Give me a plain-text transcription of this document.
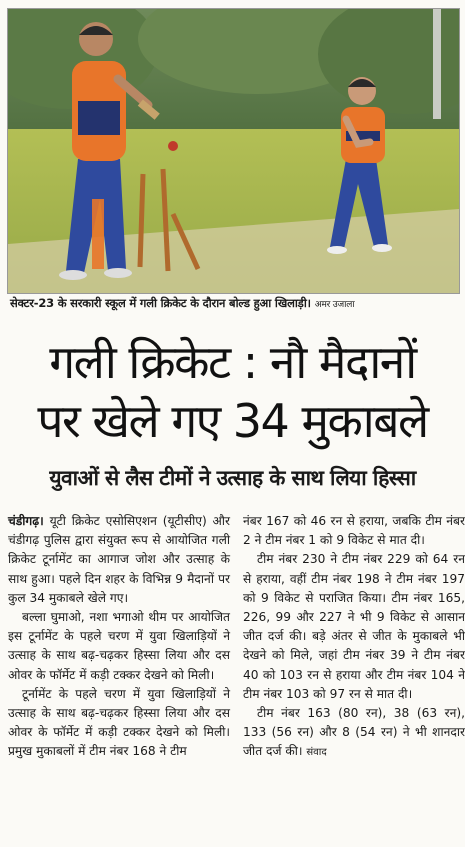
सेक्टर-23 के सरकारी स्कूल में गली क्रिकेट के दौरान बोल्ड हुआ खिलाड़ी। अमर उजाला
गली क्रिकेट : नौ मैदानों
पर खेले गए 34 मुकाबले
युवाओं से लैस टीमों ने उत्साह के साथ लिया हिस्सा

चंडीगढ़। यूटी क्रिकेट एसोसिएशन (यूटीसीए) और चंडीगढ़ पुलिस द्वारा संयुक्त रूप से आयोजित गली क्रिकेट टूर्नामेंट का आगाज जोश और उत्साह के साथ हुआ। पहले दिन शहर के विभिन्न 9 मैदानों पर कुल 34 मुकाबले खेले गए।

बल्ला घुमाओ, नशा भगाओ थीम पर आयोजित इस टूर्नामेंट के पहले चरण में युवा खिलाड़ियों ने उत्साह के साथ बढ़-चढ़कर हिस्सा लिया और दस ओवर के फॉर्मेट में कड़ी टक्कर देखने को मिली।

टूर्नामेंट के पहले चरण में युवा खिलाड़ियों ने उत्साह के साथ बढ़-चढ़कर हिस्सा लिया और दस ओवर के फॉर्मेट में कड़ी टक्कर देखने को मिली। प्रमुख मुकाबलों में टीम नंबर 168 ने टीम

नंबर 167 को 46 रन से हराया, जबकि टीम नंबर 2 ने टीम नंबर 1 को 9 विकेट से मात दी।

टीम नंबर 230 ने टीम नंबर 229 को 64 रन से हराया, वहीं टीम नंबर 198 ने टीम नंबर 197 को 9 विकेट से पराजित किया। टीम नंबर 165, 226, 99 और 227 ने भी 9 विकेट से आसान जीत दर्ज की। बड़े अंतर से जीत के मुकाबले भी देखने को मिले, जहां टीम नंबर 39 ने टीम नंबर 40 को 103 रन से हराया और टीम नंबर 104 ने टीम नंबर 103 को 97 रन से मात दी।

टीम नंबर 163 (80 रन), 38 (63 रन), 133 (56 रन) और 8 (54 रन) ने भी शानदार जीत दर्ज की। संवाद
